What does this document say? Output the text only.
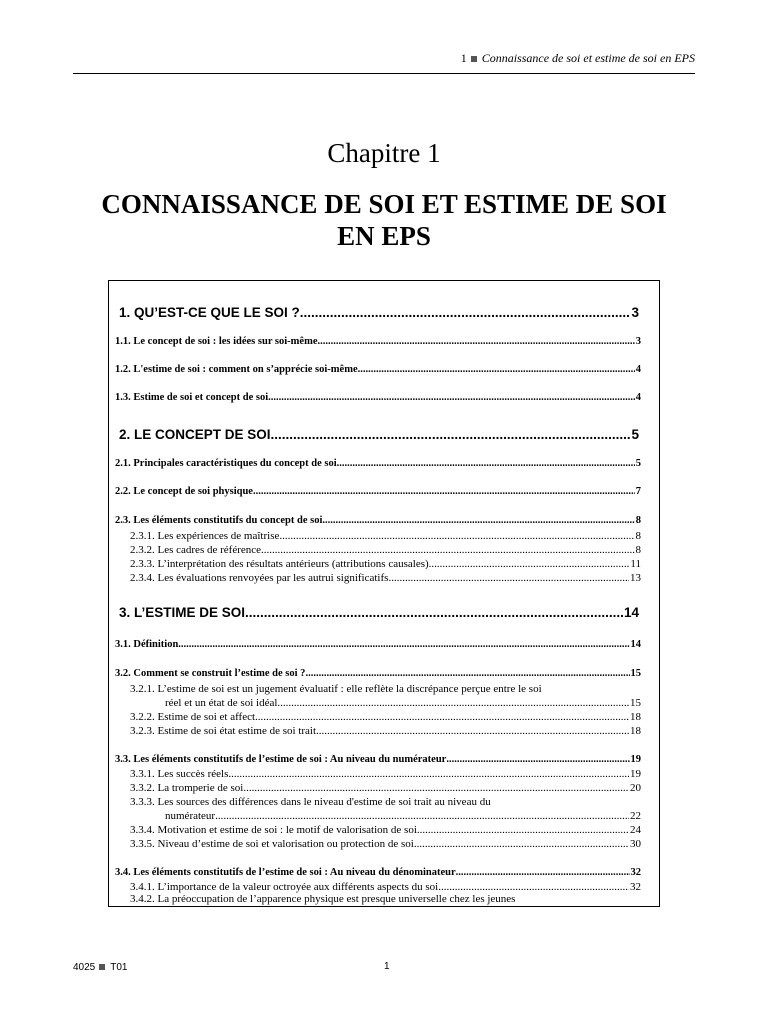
1 Connaissance de soi et estime de soi en EPS
Chapitre 1
CONNAISSANCE DE SOI ET ESTIME DE SOI EN EPS
1. QU’EST-CE QUE LE SOI ? .....	3
1.1. Le concept de soi : les idées sur soi-même. .....	3
1.2. L'estime de soi : comment on s’apprécie soi-même. .....	4
1.3. Estime de soi et concept de soi .....	4
2. LE CONCEPT DE SOI .....	5
2.1. Principales caractéristiques du concept de soi .....	5
2.2. Le concept de soi physique .....	7
2.3. Les éléments constitutifs du concept de soi .....	8
2.3.1. Les expériences de maîtrise .....	8
2.3.2. Les cadres de référence .....	8
2.3.3. L’interprétation des résultats antérieurs (attributions causales). .....	11
2.3.4. Les évaluations renvoyées par les autrui significatifs .....	13
3. L’ESTIME DE SOI .....	14
3.1. Définition .....	14
3.2. Comment se construit l’estime de soi ? .....	15
3.2.1. L’estime de soi est un jugement évaluatif : elle reflète la discrépance perçue entre le soi
réel et un état de soi idéal .....	15
3.2.2. Estime de soi et affect .....	18
3.2.3. Estime de soi état estime de soi trait .....	18
3.3. Les éléments constitutifs de l’estime de soi : Au niveau du numérateur .....	19
3.3.1. Les succès réels .....	19
3.3.2. La tromperie de soi .....	20
3.3.3. Les sources des différences dans le niveau d'estime de soi trait au niveau du
numérateur .....	22
3.3.4. Motivation et estime de soi : le motif de valorisation de soi .....	24
3.3.5. Niveau d’estime de soi et valorisation ou protection de soi .....	30
3.4. Les éléments constitutifs de l’estime de soi : Au niveau du dénominateur .....	32
3.4.1. L’importance de la valeur octroyée aux différents aspects du soi. .....	32
3.4.2. La préoccupation de l’apparence physique est presque universelle chez les jeunes
4025 T01	1
